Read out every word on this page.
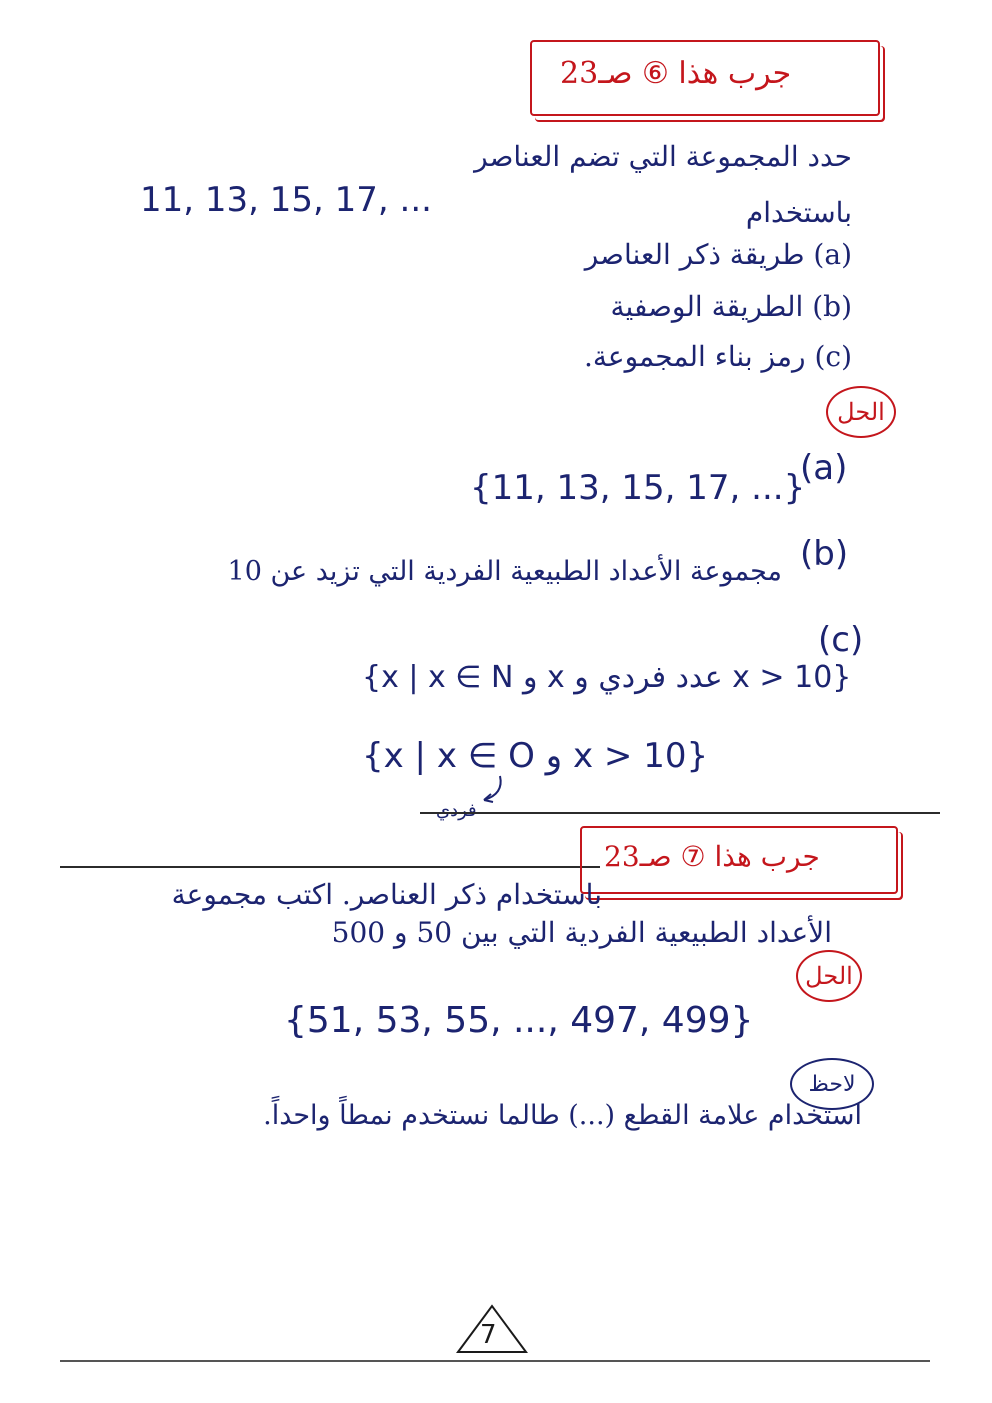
جرب هذا ⑥ صـ23
حدد المجموعة التي تضم العناصر
11, 13, 15, 17, ...	باستخدام
(a) طريقة ذكر العناصر
(b) الطريقة الوصفية
(c) رمز بناء المجموعة.
الحل
(a)
{11, 13, 15, 17, ...}
(b)
مجموعة الأعداد الطبيعية الفردية التي تزيد عن 10
(c)
{x | x ∈ N و x عدد فردي و x > 10}
{x | x ∈ O و x > 10}
فردي
جرب هذا ⑦ صـ23
باستخدام ذكر العناصر. اكتب مجموعة
الأعداد الطبيعية الفردية التي بين 50 و 500
الحل
{51, 53, 55, ..., 497, 499}
لاحظ
استخدام علامة القطع (...) طالما نستخدم نمطاً واحداً.
7
